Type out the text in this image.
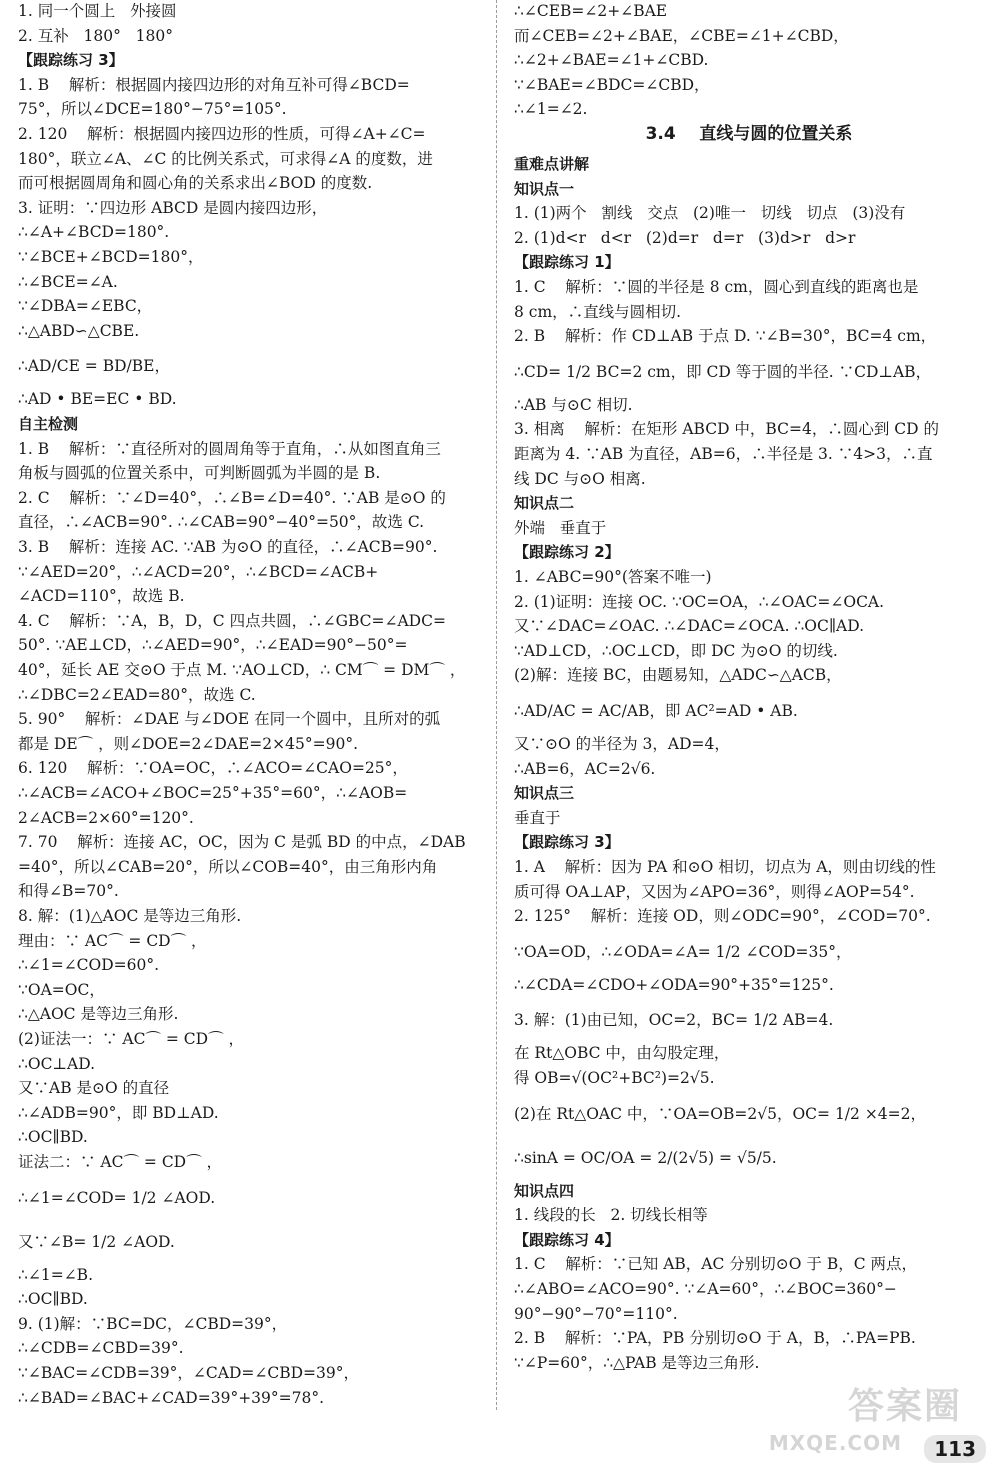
1. 同一个圆上   外接圆
2. 互补   180°   180°
【跟踪练习 3】
1. B    解析：根据圆内接四边形的对角互补可得∠BCD=
75°，所以∠DCE=180°−75°=105°.
2. 120    解析：根据圆内接四边形的性质，可得∠A+∠C=
180°，联立∠A、∠C 的比例关系式，可求得∠A 的度数，进
而可根据圆周角和圆心角的关系求出∠BOD 的度数.
3. 证明：∵四边形 ABCD 是圆内接四边形，
∴∠A+∠BCD=180°.
∵∠BCE+∠BCD=180°，
∴∠BCE=∠A.
∵∠DBA=∠EBC，
∴△ABD∽△CBE.
∴AD/CE = BD/BE，
∴AD • BE=EC • BD.
自主检测
1. B    解析：∵直径所对的圆周角等于直角，∴从如图直角三
角板与圆弧的位置关系中，可判断圆弧为半圆的是 B.
2. C    解析：∵∠D=40°，∴∠B=∠D=40°. ∵AB 是⊙O 的
直径，∴∠ACB=90°. ∴∠CAB=90°−40°=50°，故选 C.
3. B    解析：连接 AC. ∵AB 为⊙O 的直径，∴∠ACB=90°.
∵∠AED=20°，∴∠ACD=20°，∴∠BCD=∠ACB+
∠ACD=110°，故选 B.
4. C    解析：∵A，B，D，C 四点共圆，∴∠GBC=∠ADC=
50°. ∵AE⊥CD，∴∠AED=90°，∴∠EAD=90°−50°=
40°，延长 AE 交⊙O 于点 M. ∵AO⊥CD，∴ CM⌒ = DM⌒ ，
∴∠DBC=2∠EAD=80°，故选 C.
5. 90°    解析：∠DAE 与∠DOE 在同一个圆中，且所对的弧
都是 DE⌒ ，则∠DOE=2∠DAE=2×45°=90°.
6. 120    解析：∵OA=OC，∴∠ACO=∠CAO=25°，
∴∠ACB=∠ACO+∠BOC=25°+35°=60°，∴∠AOB=
2∠ACB=2×60°=120°.
7. 70    解析：连接 AC，OC，因为 C 是弧 BD 的中点，∠DAB
=40°，所以∠CAB=20°，所以∠COB=40°，由三角形内角
和得∠B=70°.
8. 解：(1)△AOC 是等边三角形.
理由：∵ AC⌒ = CD⌒ ，
∴∠1=∠COD=60°.
∵OA=OC，
∴△AOC 是等边三角形.
(2)证法一：∵ AC⌒ = CD⌒ ，
∴OC⊥AD.
又∵AB 是⊙O 的直径
∴∠ADB=90°，即 BD⊥AD.
∴OC∥BD.
证法二：∵ AC⌒ = CD⌒ ，
∴∠1=∠COD= 1/2 ∠AOD.
又∵∠B= 1/2 ∠AOD.
∴∠1=∠B.
∴OC∥BD.
9. (1)解：∵BC=DC，∠CBD=39°，
∴∠CDB=∠CBD=39°.
∵∠BAC=∠CDB=39°，∠CAD=∠CBD=39°，
∴∠BAD=∠BAC+∠CAD=39°+39°=78°.
∴∠CEB=∠2+∠BAE
而∠CEB=∠2+∠BAE，∠CBE=∠1+∠CBD，
∴∠2+∠BAE=∠1+∠CBD.
∵∠BAE=∠BDC=∠CBD，
∴∠1=∠2.
3.4    直线与圆的位置关系
重难点讲解
知识点一
1. (1)两个   割线   交点   (2)唯一   切线   切点   (3)没有
2. (1)d<r   d<r   (2)d=r   d=r   (3)d>r   d>r
【跟踪练习 1】
1. C    解析：∵圆的半径是 8 cm，圆心到直线的距离也是
8 cm，∴直线与圆相切.
2. B    解析：作 CD⊥AB 于点 D. ∵∠B=30°，BC=4 cm，
∴CD= 1/2 BC=2 cm，即 CD 等于圆的半径. ∵CD⊥AB，
∴AB 与⊙C 相切.
3. 相离    解析：在矩形 ABCD 中，BC=4，∴圆心到 CD 的
距离为 4. ∵AB 为直径，AB=6，∴半径是 3. ∵4>3，∴直
线 DC 与⊙O 相离.
知识点二
外端   垂直于
【跟踪练习 2】
1. ∠ABC=90°(答案不唯一)
2. (1)证明：连接 OC. ∵OC=OA，∴∠OAC=∠OCA.
又∵∠DAC=∠OAC. ∴∠DAC=∠OCA. ∴OC∥AD.
∵AD⊥CD，∴OC⊥CD，即 DC 为⊙O 的切线.
(2)解：连接 BC，由题易知，△ADC∽△ACB，
∴AD/AC = AC/AB，即 AC²=AD • AB.
又∵⊙O 的半径为 3，AD=4，
∴AB=6，AC=2√6.
知识点三
垂直于
【跟踪练习 3】
1. A    解析：因为 PA 和⊙O 相切，切点为 A，则由切线的性
质可得 OA⊥AP，又因为∠APO=36°，则得∠AOP=54°.
2. 125°    解析：连接 OD，则∠ODC=90°，∠COD=70°.
∵OA=OD，∴∠ODA=∠A= 1/2 ∠COD=35°，
∴∠CDA=∠CDO+∠ODA=90°+35°=125°.
3. 解：(1)由已知，OC=2，BC= 1/2 AB=4.
在 Rt△OBC 中，由勾股定理，
得 OB=√(OC²+BC²)=2√5.
(2)在 Rt△OAC 中，∵OA=OB=2√5，OC= 1/2 ×4=2，
∴sinA = OC/OA = 2/(2√5) = √5/5.
知识点四
1. 线段的长   2. 切线长相等
【跟踪练习 4】
1. C    解析：∵已知 AB，AC 分别切⊙O 于 B，C 两点，
∴∠ABO=∠ACO=90°. ∵∠A=60°，∴∠BOC=360°−
90°−90°−70°=110°.
2. B    解析：∵PA，PB 分别切⊙O 于 A，B，∴PA=PB.
∵∠P=60°，∴△PAB 是等边三角形.
答案圈
MXQE.COM	113
